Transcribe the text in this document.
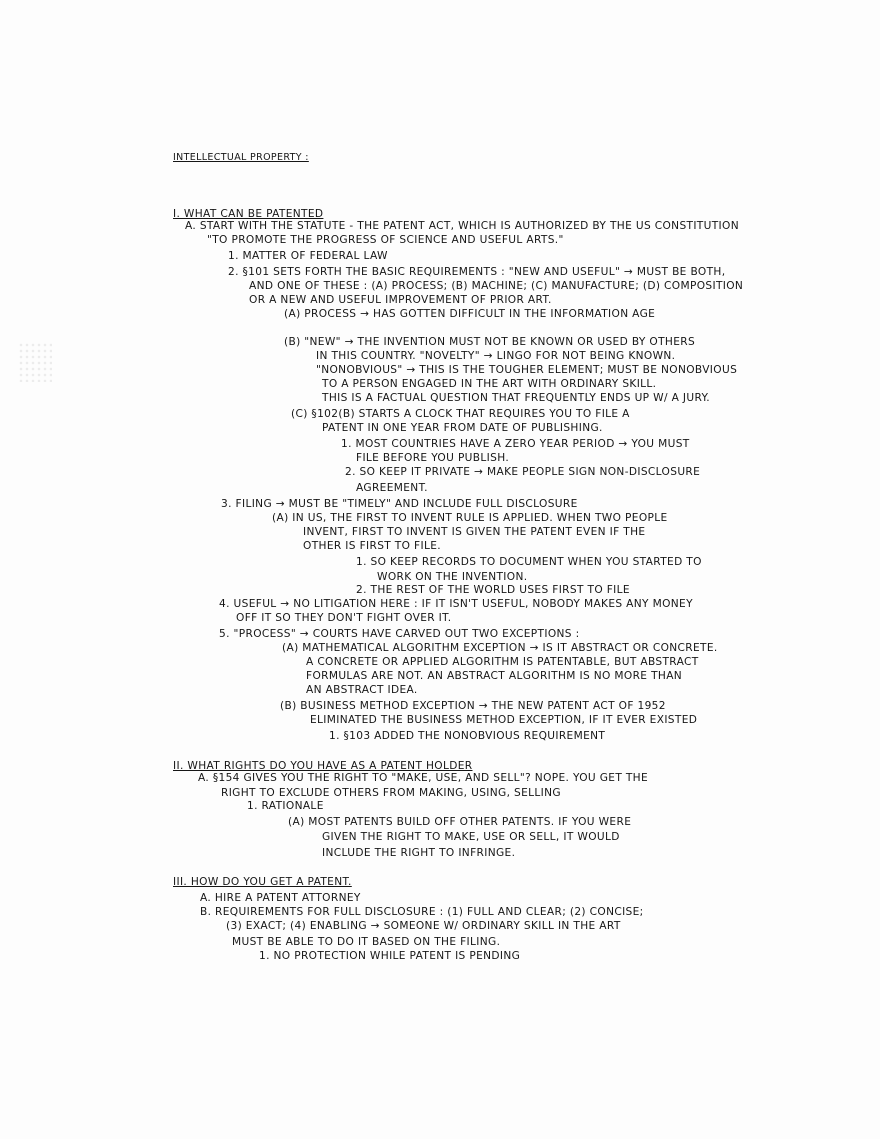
INTELLECTUAL PROPERTY :
I. WHAT CAN BE PATENTED
A. START WITH THE STATUTE - THE PATENT ACT, WHICH IS AUTHORIZED BY THE US CONSTITUTION
"TO PROMOTE THE PROGRESS OF SCIENCE AND USEFUL ARTS."
1. MATTER OF FEDERAL LAW
2. §101 SETS FORTH THE BASIC REQUIREMENTS : "NEW AND USEFUL" → MUST BE BOTH,
AND ONE OF THESE : (A) PROCESS; (B) MACHINE; (C) MANUFACTURE; (D) COMPOSITION
OR A NEW AND USEFUL IMPROVEMENT OF PRIOR ART.
(A) PROCESS → HAS GOTTEN DIFFICULT IN THE INFORMATION AGE
(B) "NEW" → THE INVENTION MUST NOT BE KNOWN OR USED BY OTHERS
IN THIS COUNTRY. "NOVELTY" → LINGO FOR NOT BEING KNOWN.
"NONOBVIOUS" → THIS IS THE TOUGHER ELEMENT; MUST BE NONOBVIOUS
TO A PERSON ENGAGED IN THE ART WITH ORDINARY SKILL.
THIS IS A FACTUAL QUESTION THAT FREQUENTLY ENDS UP W/ A JURY.
(C) §102(B) STARTS A CLOCK THAT REQUIRES YOU TO FILE A
PATENT IN ONE YEAR FROM DATE OF PUBLISHING.
1. MOST COUNTRIES HAVE A ZERO YEAR PERIOD → YOU MUST
FILE BEFORE YOU PUBLISH.
2. SO KEEP IT PRIVATE → MAKE PEOPLE SIGN NON-DISCLOSURE
AGREEMENT.
3. FILING → MUST BE "TIMELY" AND INCLUDE FULL DISCLOSURE
(A) IN US, THE FIRST TO INVENT RULE IS APPLIED. WHEN TWO PEOPLE
INVENT, FIRST TO INVENT IS GIVEN THE PATENT EVEN IF THE
OTHER IS FIRST TO FILE.
1. SO KEEP RECORDS TO DOCUMENT WHEN YOU STARTED TO
WORK ON THE INVENTION.
2. THE REST OF THE WORLD USES FIRST TO FILE
4. USEFUL → NO LITIGATION HERE : IF IT ISN'T USEFUL, NOBODY MAKES ANY MONEY
OFF IT SO THEY DON'T FIGHT OVER IT.
5. "PROCESS" → COURTS HAVE CARVED OUT TWO EXCEPTIONS :
(A) MATHEMATICAL ALGORITHM EXCEPTION → IS IT ABSTRACT OR CONCRETE.
A CONCRETE OR APPLIED ALGORITHM IS PATENTABLE, BUT ABSTRACT
FORMULAS ARE NOT. AN ABSTRACT ALGORITHM IS NO MORE THAN
AN ABSTRACT IDEA.
(B) BUSINESS METHOD EXCEPTION → THE NEW PATENT ACT OF 1952
ELIMINATED THE BUSINESS METHOD EXCEPTION, IF IT EVER EXISTED
1. §103 ADDED THE NONOBVIOUS REQUIREMENT
II. WHAT RIGHTS DO YOU HAVE AS A PATENT HOLDER
A. §154 GIVES YOU THE RIGHT TO "MAKE, USE, AND SELL"? NOPE. YOU GET THE
RIGHT TO EXCLUDE OTHERS FROM MAKING, USING, SELLING
1. RATIONALE
(A) MOST PATENTS BUILD OFF OTHER PATENTS. IF YOU WERE
GIVEN THE RIGHT TO MAKE, USE OR SELL, IT WOULD
INCLUDE THE RIGHT TO INFRINGE.
III. HOW DO YOU GET A PATENT.
A. HIRE A PATENT ATTORNEY
B. REQUIREMENTS FOR FULL DISCLOSURE : (1) FULL AND CLEAR; (2) CONCISE;
(3) EXACT; (4) ENABLING → SOMEONE W/ ORDINARY SKILL IN THE ART
MUST BE ABLE TO DO IT BASED ON THE FILING.
1. NO PROTECTION WHILE PATENT IS PENDING
